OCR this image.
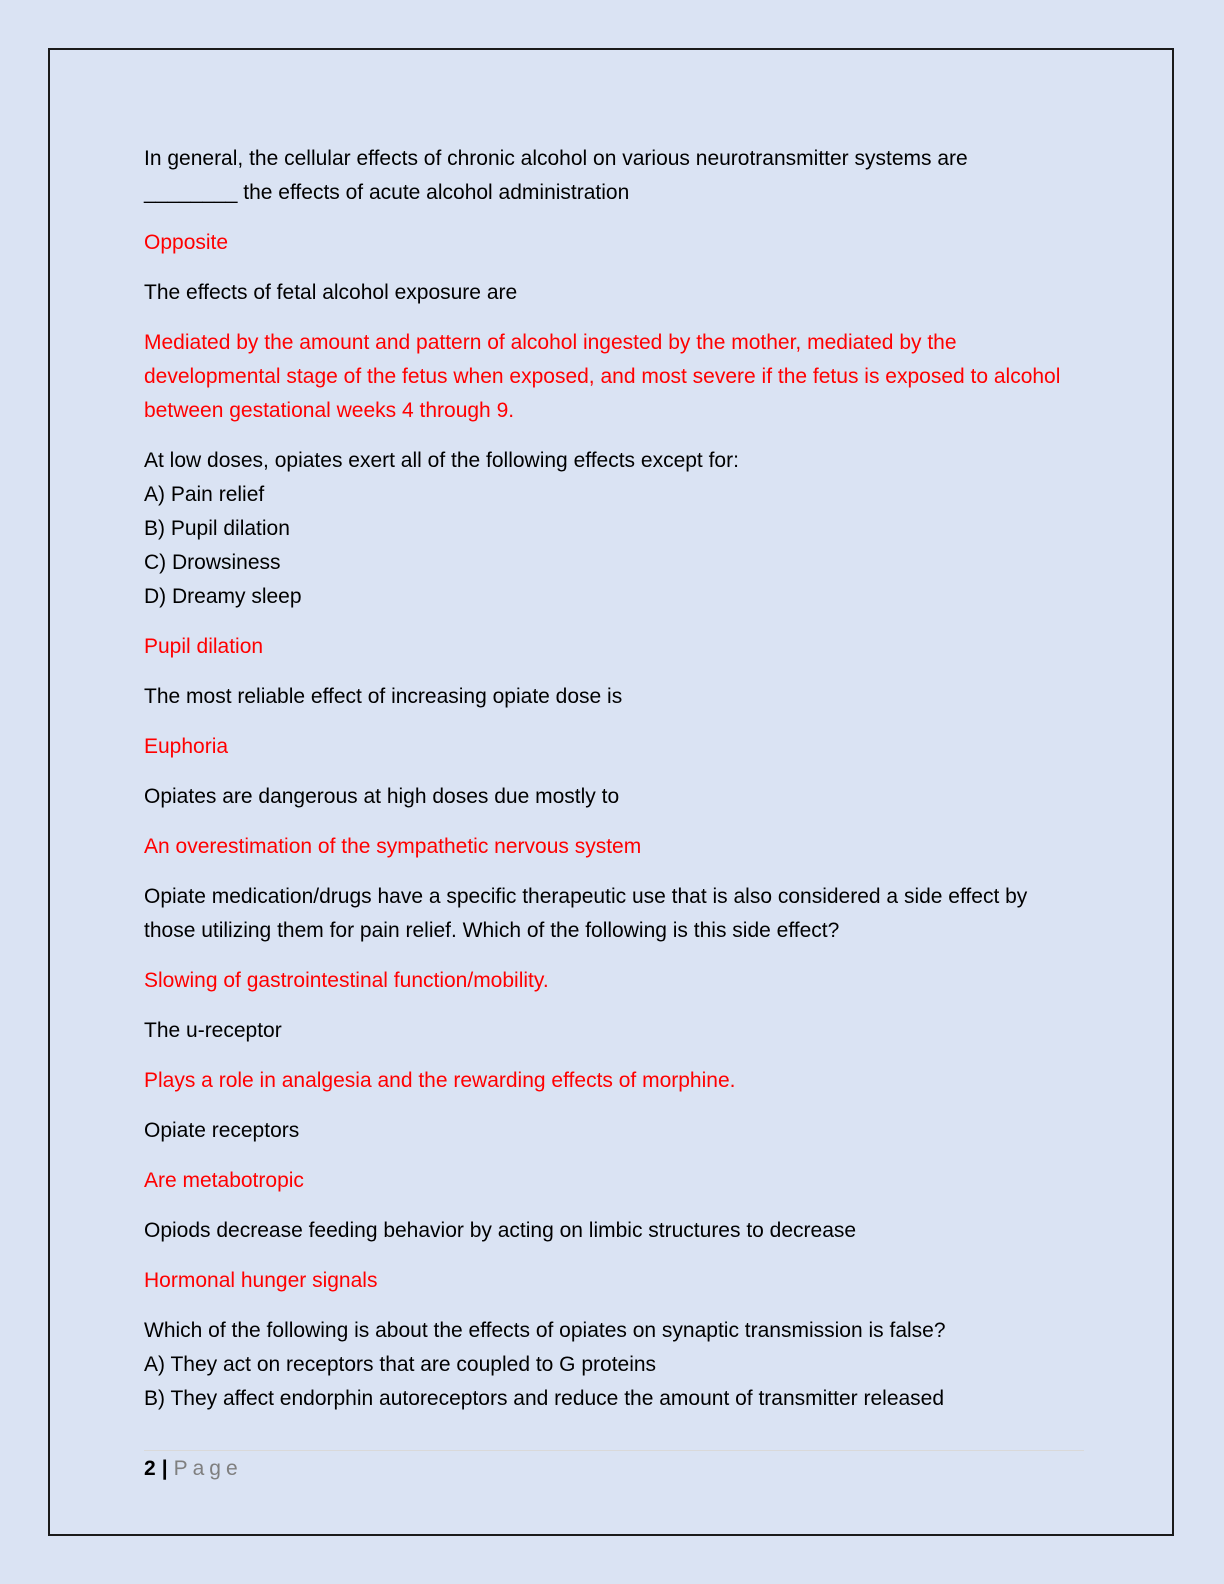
In general, the cellular effects of chronic alcohol on various neurotransmitter systems are
________ the effects of acute alcohol administration
Opposite
The effects of fetal alcohol exposure are
Mediated by the amount and pattern of alcohol ingested by the mother, mediated by the developmental stage of the fetus when exposed, and most severe if the fetus is exposed to alcohol between gestational weeks 4 through 9.
At low doses, opiates exert all of the following effects except for:
A) Pain relief
B) Pupil dilation
C) Drowsiness
D) Dreamy sleep
Pupil dilation
The most reliable effect of increasing opiate dose is
Euphoria
Opiates are dangerous at high doses due mostly to
An overestimation of the sympathetic nervous system
Opiate medication/drugs have a specific therapeutic use that is also considered a side effect by those utilizing them for pain relief. Which of the following is this side effect?
Slowing of gastrointestinal function/mobility.
The u-receptor
Plays a role in analgesia and the rewarding effects of morphine.
Opiate receptors
Are metabotropic
Opiods decrease feeding behavior by acting on limbic structures to decrease
Hormonal hunger signals
Which of the following is about the effects of opiates on synaptic transmission is false?
A) They act on receptors that are coupled to G proteins
B) They affect endorphin autoreceptors and reduce the amount of transmitter released
2 | Page
